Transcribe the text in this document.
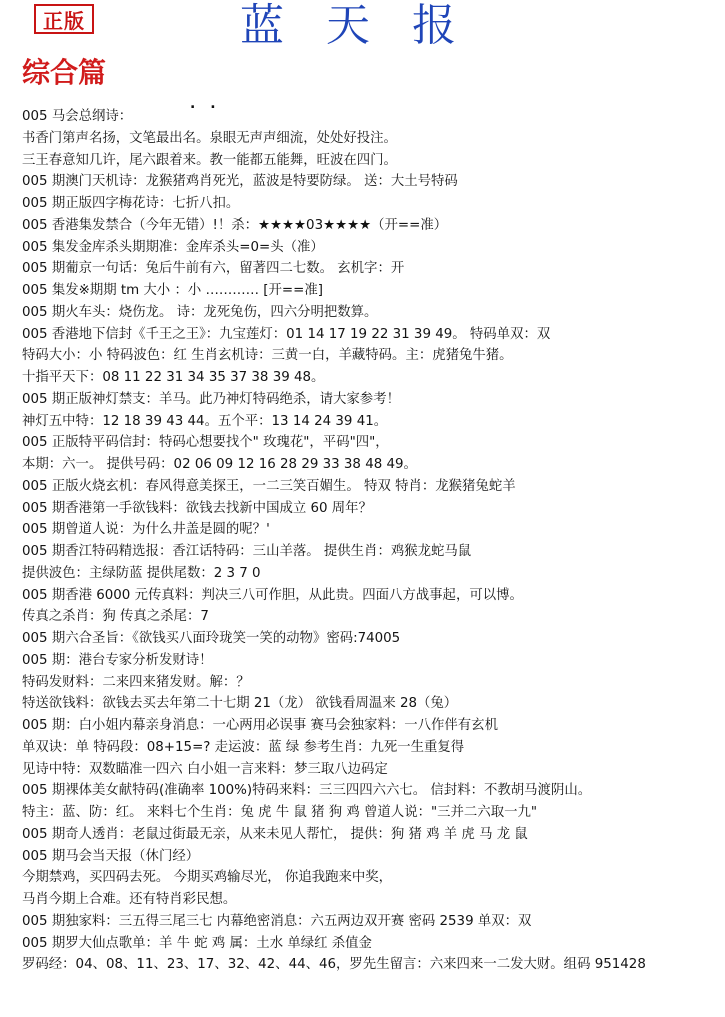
正版	蓝 天 报
综合篇
. .
005 马会总纲诗：
书香门第声名扬，文笔最出名。泉眼无声声细流，处处好投注。
三王春意知几许，尾六跟着来。教一能都五能舞，旺波在四门。
005 期澳门天机诗：龙猴猪鸡肖死光，蓝波是特要防绿。 送：大土号特码
005 期正版四字梅花诗：七折八扣。
005 香港集发禁合（今年无错）!！杀：★★★★03★★★★（开==准）
005 集发金库杀头期期准：金库杀头=0=头（准）
005 期葡京一句话：兔后牛前有六，留著四二七数。 玄机字：开
005 集发※期期 tm 大小 ：小 ………… [开==准]
005 期火车头：烧伤龙。 诗：龙死兔伤，四六分明把数算。
005 香港地下信封《千王之王》：九宝莲灯：01 14 17 19 22 31 39 49。 特码单双：双
特码大小：小 特码波色：红 生肖玄机诗：三黄一白，羊藏特码。主：虎猪兔牛猪。
十指平天下：08 11 22 31 34 35 37 38 39 48。
005 期正版神灯禁支：羊马。此乃神灯特码绝杀，请大家参考！
神灯五中特：12 18 39 43 44。五个平：13 14 24 39 41。
005 正版特平码信封：特码心想要找个" 玫瑰花"，平码"四"，
本期：六一。 提供号码：02 06 09 12 16 28 29 33 38 48 49。
005 正版火烧玄机：春风得意美探王，一二三笑百媚生。 特双 特肖：龙猴猪兔蛇羊
005 期香港第一手欲钱料：欲钱去找新中国成立 60 周年？
005 期曾道人说：为什么井盖是圆的呢？'
005 期香江特码精选报：香江话特码：三山羊落。 提供生肖：鸡猴龙蛇马鼠
提供波色：主绿防蓝 提供尾数：2 3 7 0
005 期香港 6000 元传真料：判决三八可作胆，从此贵。四面八方战事起，可以博。
传真之杀肖：狗 传真之杀尾：7
005 期六合圣旨：《欲钱买八面玲珑笑一笑的动物》密码:74005
005 期：港台专家分析发财诗！
特码发财料：二来四来猪发财。解：？
特送欲钱料：欲钱去买去年第二十七期 21（龙） 欲钱看周温来 28（兔）
005 期：白小姐内幕亲身消息：一心两用必误事 赛马会独家料：一八作伴有玄机
单双诀：单 特码段：08+15=? 走运波：蓝 绿 参考生肖：九死一生重复得
见诗中特：双数瞄准一四六 白小姐一言来料：梦三取八边码定
005 期裸体美女献特码(准确率 100%)特码来料：三三四四六六七。 信封料：不教胡马渡阴山。
特主：蓝、防：红。 来料七个生肖：兔 虎 牛 鼠 猪 狗 鸡 曾道人说："三并二六取一九"
005 期奇人透肖：老鼠过街最无亲，从来未见人帮忙， 提供：狗 猪 鸡 羊 虎 马 龙 鼠
005 期马会当天报（休门经）
今期禁鸡，买四码去死。 今期买鸡输尽光， 你追我跑来中奖，
马肖今期上合难。还有特肖彩民想。
005 期独家料：三五得三尾三七 内幕绝密消息：六五两边双开赛 密码 2539 单双：双
005 期罗大仙点歌单：羊 牛 蛇 鸡 属：土水 单绿红 杀值金
罗码经：04、08、11、23、17、32、42、44、46，罗先生留言：六来四来一二发大财。组码 951428
